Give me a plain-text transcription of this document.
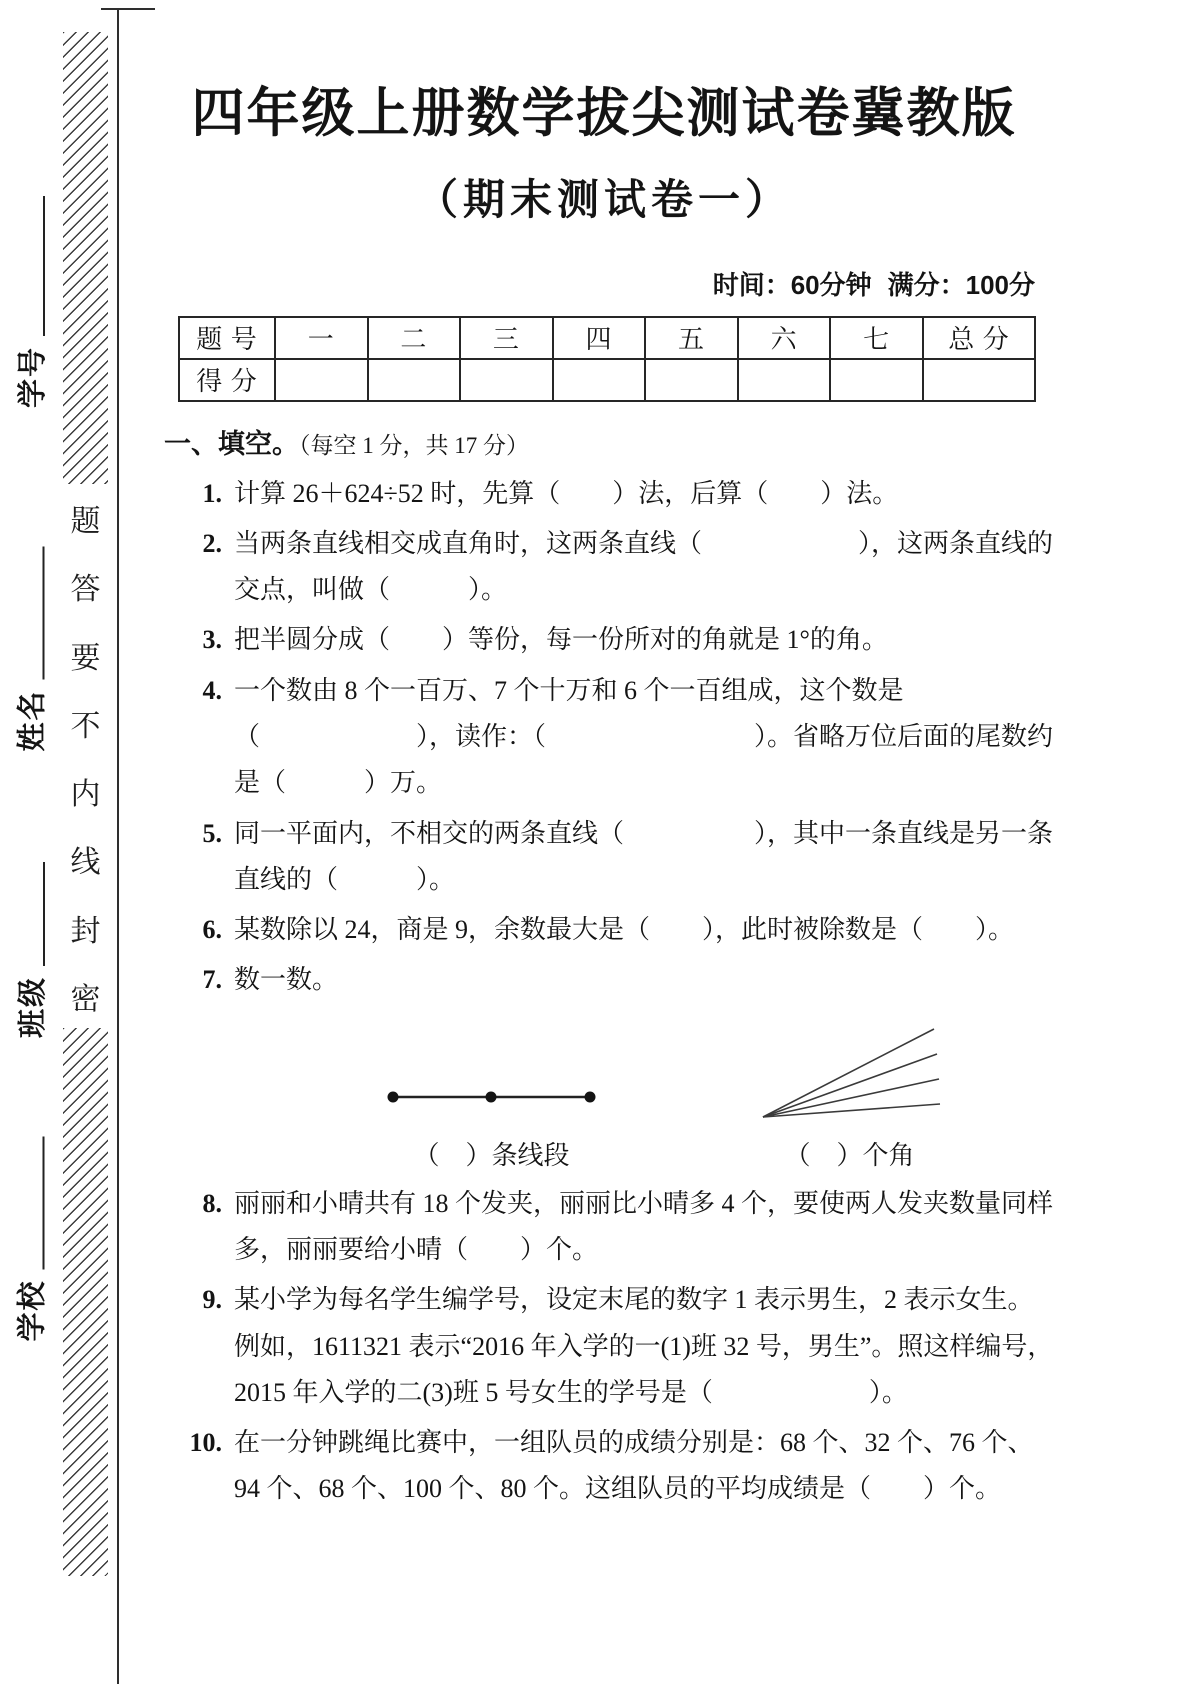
题
答
要
不
内
线
封
密
学号
姓名
班级
学校
四年级上册数学拔尖测试卷冀教版
（期末测试卷一）
时间：60分钟 满分：100分
题 号	一	二	三	四	五	六	七	总 分
得 分								
一、填空。（每空 1 分，共 17 分）
1. 计算 26＋624÷52 时，先算（　　）法，后算（　　）法。
2. 当两条直线相交成直角时，这两条直线（　　　　　　），这两条直线的交点，叫做（　　　）。
3. 把半圆分成（　　）等份，每一份所对的角就是 1°的角。
4. 一个数由 8 个一百万、7 个十万和 6 个一百组成，这个数是（　　　　　　），读作：（　　　　　　　　）。省略万位后面的尾数约是（　　　）万。
5. 同一平面内，不相交的两条直线（　　　　　），其中一条直线是另一条直线的（　　　）。
6. 某数除以 24，商是 9，余数最大是（　　），此时被除数是（　　）。
7. 数一数。
（　）条线段	（　）个角
8. 丽丽和小晴共有 18 个发夹，丽丽比小晴多 4 个，要使两人发夹数量同样多，丽丽要给小晴（　　）个。
9. 某小学为每名学生编学号，设定末尾的数字 1 表示男生，2 表示女生。例如，1611321 表示“2016 年入学的一(1)班 32 号，男生”。照这样编号，2015 年入学的二(3)班 5 号女生的学号是（　　　　　　）。
10. 在一分钟跳绳比赛中，一组队员的成绩分别是：68 个、32 个、76 个、94 个、68 个、100 个、80 个。这组队员的平均成绩是（　　）个。
